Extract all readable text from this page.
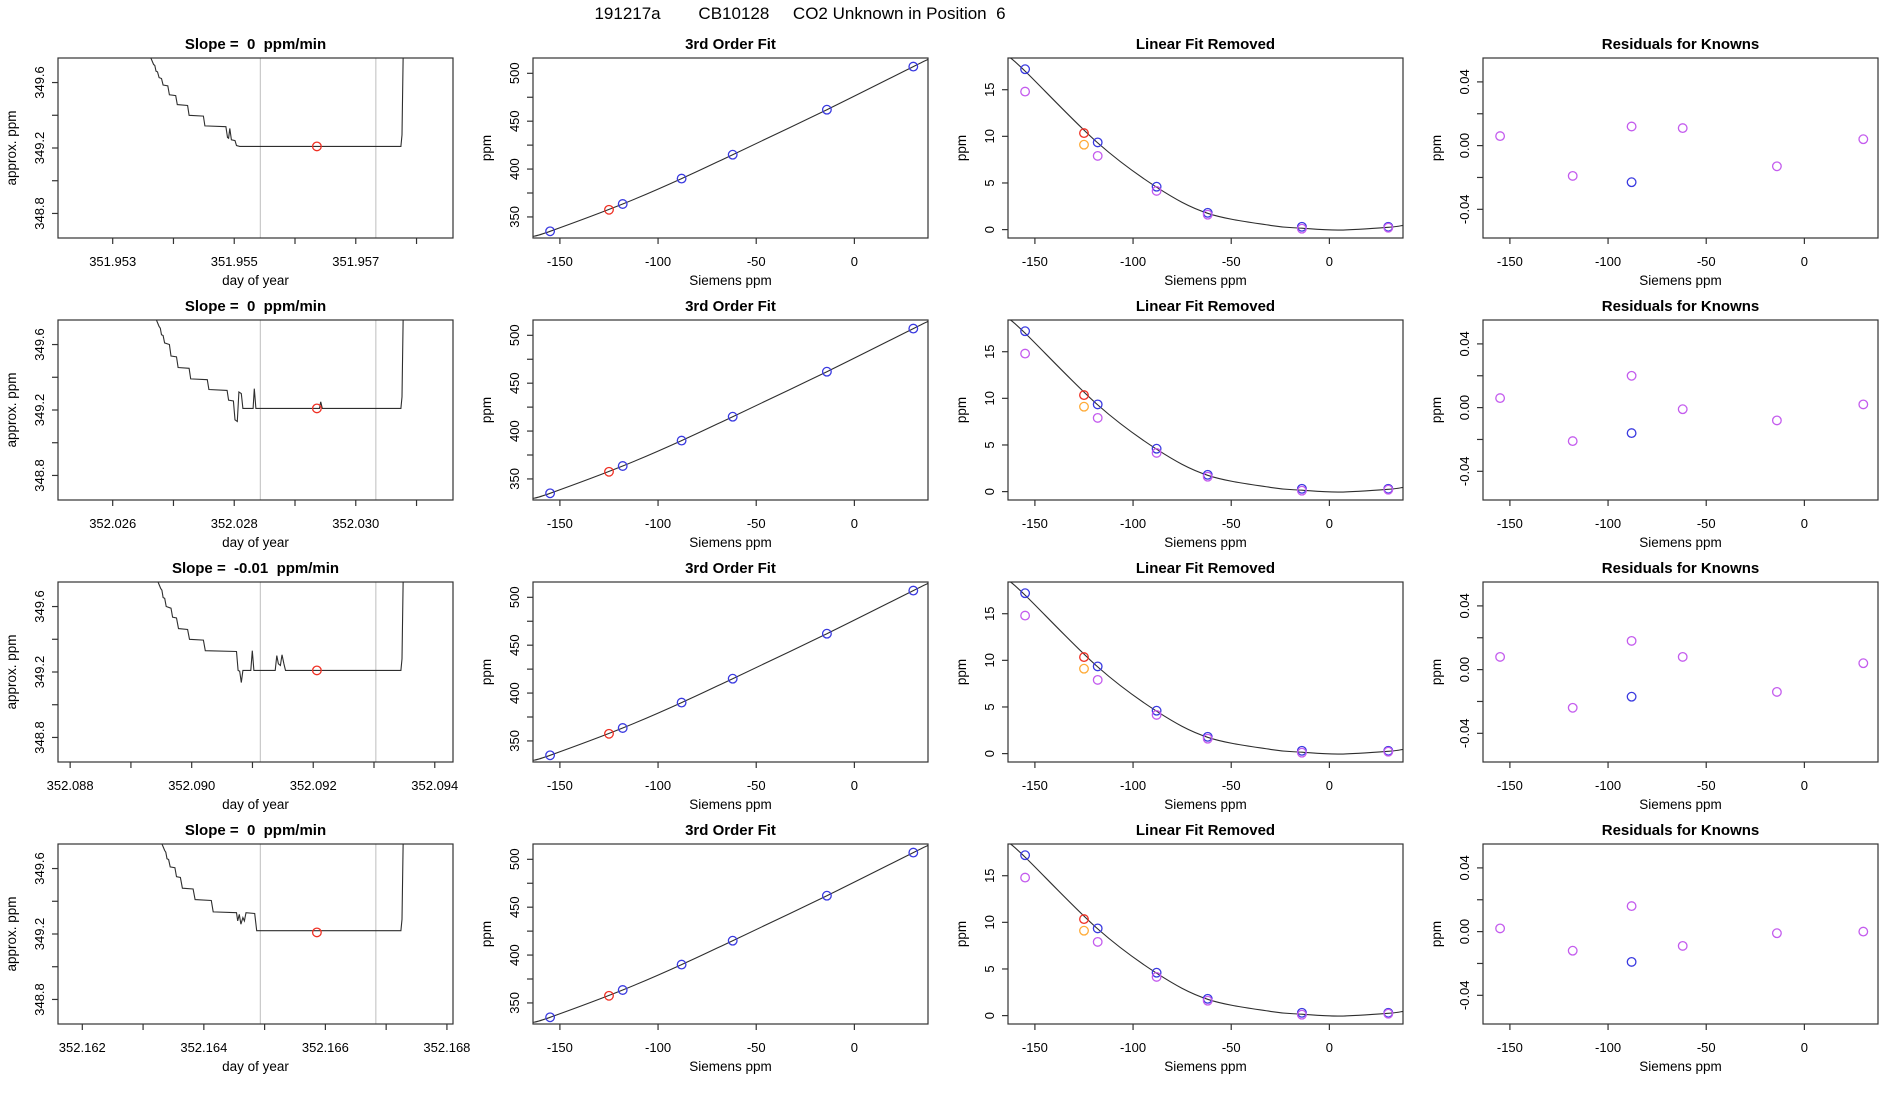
191217a        CB10128     CO2 Unknown in Position  6
Slope =  0  ppm/min
351.953	351.955	351.957
day of year
348.8
349.2
349.6
approx. ppm
3rd Order Fit
-150	-100	-50	0
Siemens ppm
350
400
450
500
ppm
Linear Fit Removed
-150	-100	-50	0
Siemens ppm
0
5
10
15
ppm
Residuals for Knowns
-150	-100	-50	0
Siemens ppm
-0.04
0.00
0.04
ppm
Slope =  0  ppm/min
352.026	352.028	352.030
day of year
348.8
349.2
349.6
approx. ppm
3rd Order Fit
-150	-100	-50	0
Siemens ppm
350
400
450
500
ppm
Linear Fit Removed
-150	-100	-50	0
Siemens ppm
0
5
10
15
ppm
Residuals for Knowns
-150	-100	-50	0
Siemens ppm
-0.04
0.00
0.04
ppm
Slope =  -0.01  ppm/min
352.088	352.090	352.092	352.094
day of year
348.8
349.2
349.6
approx. ppm
3rd Order Fit
-150	-100	-50	0
Siemens ppm
350
400
450
500
ppm
Linear Fit Removed
-150	-100	-50	0
Siemens ppm
0
5
10
15
ppm
Residuals for Knowns
-150	-100	-50	0
Siemens ppm
-0.04
0.00
0.04
ppm
Slope =  0  ppm/min
352.162	352.164	352.166	352.168
day of year
348.8
349.2
349.6
approx. ppm
3rd Order Fit
-150	-100	-50	0
Siemens ppm
350
400
450
500
ppm
Linear Fit Removed
-150	-100	-50	0
Siemens ppm
0
5
10
15
ppm
Residuals for Knowns
-150	-100	-50	0
Siemens ppm
-0.04
0.00
0.04
ppm
